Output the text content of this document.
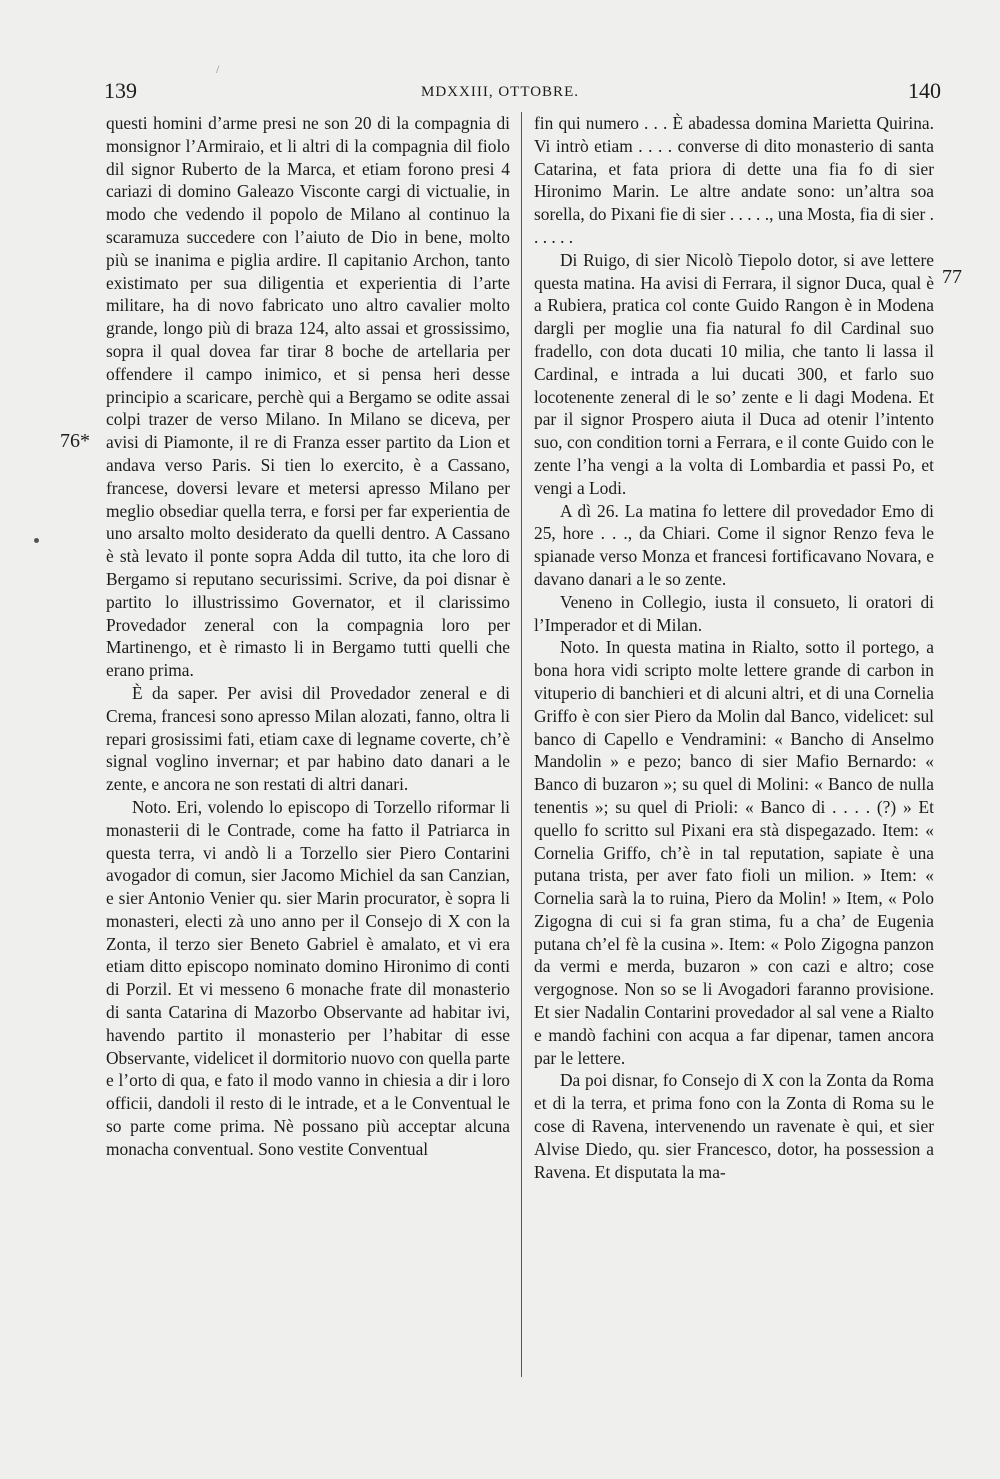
/
139	MDXXIII, OTTOBRE.	140
76*
77

questi homini d’arme presi ne son 20 di la compagnia di monsignor l’Armiraio, et li altri di la compagnia dil fiolo dil signor Ruberto de la Marca, et etiam forono presi 4 cariazi di domino Galeazo Visconte cargi di victualie, in modo che vedendo il popolo de Milano al continuo la scaramuza succedere con l’aiuto de Dio in bene, molto più se inanima e piglia ardire. Il capitanio Archon, tanto existimato per sua diligentia et experientia di l’arte militare, ha di novo fabricato uno altro cavalier molto grande, longo più di braza 124, alto assai et grossissimo, sopra il qual dovea far tirar 8 boche de artellaria per offendere il campo inimico, et si pensa heri desse principio a scaricare, perchè qui a Bergamo se odite assai colpi trazer de verso Milano. In Milano se diceva, per avisi di Piamonte, il re di Franza esser partito da Lion et andava verso Paris. Si tien lo exercito, è a Cassano, francese, doversi levare et metersi apresso Milano per meglio obsediar quella terra, e forsi per far experientia de uno arsalto molto desiderato da quelli dentro. A Cassano è stà levato il ponte sopra Adda dil tutto, ita che loro di Bergamo si reputano securissimi. Scrive, da poi disnar è partito lo illustrissimo Governator, et il clarissimo Provedador zeneral con la compagnia loro per Martinengo, et è rimasto li in Bergamo tutti quelli che erano prima.

È da saper. Per avisi dil Provedador zeneral e di Crema, francesi sono apresso Milan alozati, fanno, oltra li repari grosissimi fati, etiam caxe di legname coverte, ch’è signal voglino invernar; et par habino dato danari a le zente, e ancora ne son restati di altri danari.

Noto. Eri, volendo lo episcopo di Torzello riformar li monasterii di le Contrade, come ha fatto il Patriarca in questa terra, vi andò li a Torzello sier Piero Contarini avogador di comun, sier Jacomo Michiel da san Canzian, e sier Antonio Venier qu. sier Marin procurator, è sopra li monasteri, electi zà uno anno per il Consejo di X con la Zonta, il terzo sier Beneto Gabriel è amalato, et vi era etiam ditto episcopo nominato domino Hironimo di conti di Porzil. Et vi messeno 6 monache frate dil monasterio di santa Catarina di Mazorbo Observante ad habitar ivi, havendo partito il monasterio per l’habitar di esse Observante, videlicet il dormitorio nuovo con quella parte e l’orto di qua, e fato il modo vanno in chiesia a dir i loro officii, dandoli il resto di le intrade, et a le Conventual le so parte come prima. Nè possano più acceptar alcuna monacha conventual. Sono vestite Conventual

fin qui numero . . . È abadessa domina Marietta Quirina. Vi intrò etiam . . . . converse di dito monasterio di santa Catarina, et fata priora di dette una fia fo di sier Hironimo Marin. Le altre andate sono: un’altra soa sorella, do Pixani fie di sier . . . . ., una Mosta, fia di sier . . . . . .

Di Ruigo, di sier Nicolò Tiepolo dotor, si ave lettere questa matina. Ha avisi di Ferrara, il signor Duca, qual è a Rubiera, pratica col conte Guido Rangon è in Modena dargli per moglie una fia natural fo dil Cardinal suo fradello, con dota ducati 10 milia, che tanto li lassa il Cardinal, e intrada a lui ducati 300, et farlo suo locotenente zeneral di le so’ zente e li dagi Modena. Et par il signor Prospero aiuta il Duca ad otenir l’intento suo, con condition torni a Ferrara, e il conte Guido con le zente l’ha vengi a la volta di Lombardia et passi Po, et vengi a Lodi.

A dì 26. La matina fo lettere dil provedador Emo di 25, hore . . ., da Chiari. Come il signor Renzo feva le spianade verso Monza et francesi fortificavano Novara, e davano danari a le so zente.

Veneno in Collegio, iusta il consueto, li oratori di l’Imperador et di Milan.

Noto. In questa matina in Rialto, sotto il portego, a bona hora vidi scripto molte lettere grande di carbon in vituperio di banchieri et di alcuni altri, et di una Cornelia Griffo è con sier Piero da Molin dal Banco, videlicet: sul banco di Capello e Vendramini: « Bancho di Anselmo Mandolin » e pezo; banco di sier Mafio Bernardo: « Banco di buzaron »; su quel di Molini: « Banco de nulla tenentis »; su quel di Prioli: « Banco di . . . . (?) » Et quello fo scritto sul Pixani era stà dispegazado. Item: « Cornelia Griffo, ch’è in tal reputation, sapiate è una putana trista, per aver fato fioli un milion. » Item: « Cornelia sarà la to ruina, Piero da Molin! » Item, « Polo Zigogna di cui si fa gran stima, fu a cha’ de Eugenia putana ch’el fè la cusina ». Item: « Polo Zigogna panzon da vermi e merda, buzaron » con cazi e altro; cose vergognose. Non so se li Avogadori faranno provisione. Et sier Nadalin Contarini provedador al sal vene a Rialto e mandò fachini con acqua a far dipenar, tamen ancora par le lettere.

Da poi disnar, fo Consejo di X con la Zonta da Roma et di la terra, et prima fono con la Zonta di Roma su le cose di Ravena, intervenendo un ravenate è qui, et sier Alvise Diedo, qu. sier Francesco, dotor, ha possession a Ravena. Et disputata la ma-
